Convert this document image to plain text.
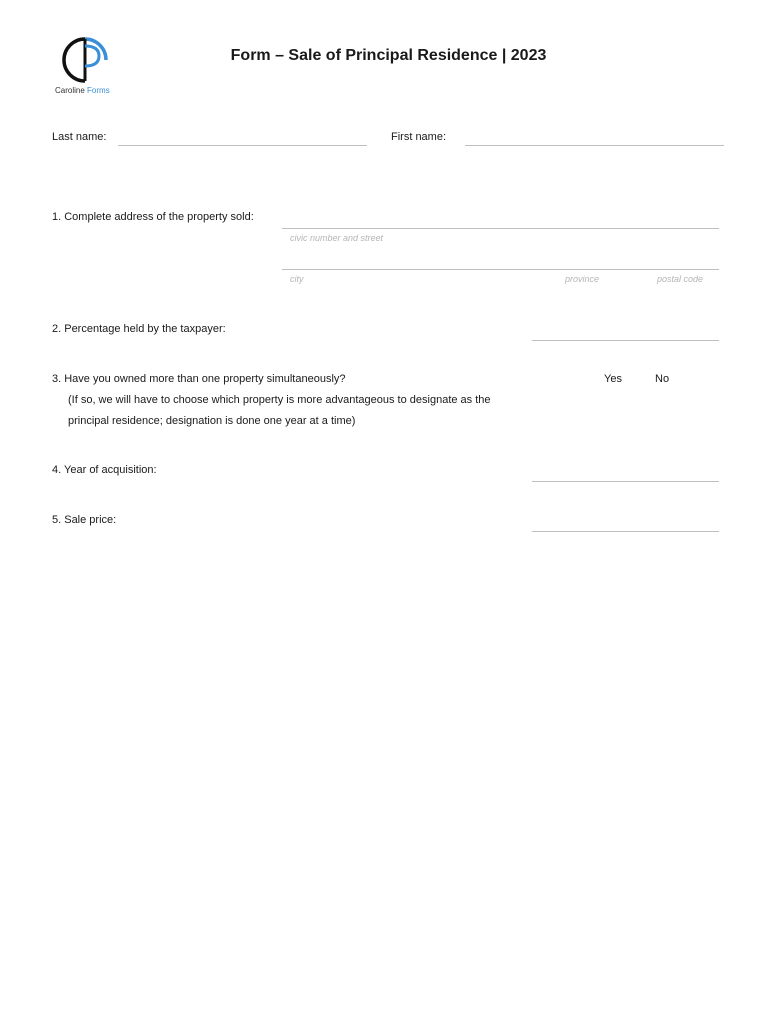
Caroline Forms
Form – Sale of Principal Residence | 2023
Last name:	First name:
1. Complete address of the property sold:
civic number and street
city	province	postal code
2. Percentage held by the taxpayer:
3. Have you owned more than one property simultaneously?	Yes	No
(If so, we will have to choose which property is more advantageous to designate as the
principal residence; designation is done one year at a time)
4. Year of acquisition:
5. Sale price:
